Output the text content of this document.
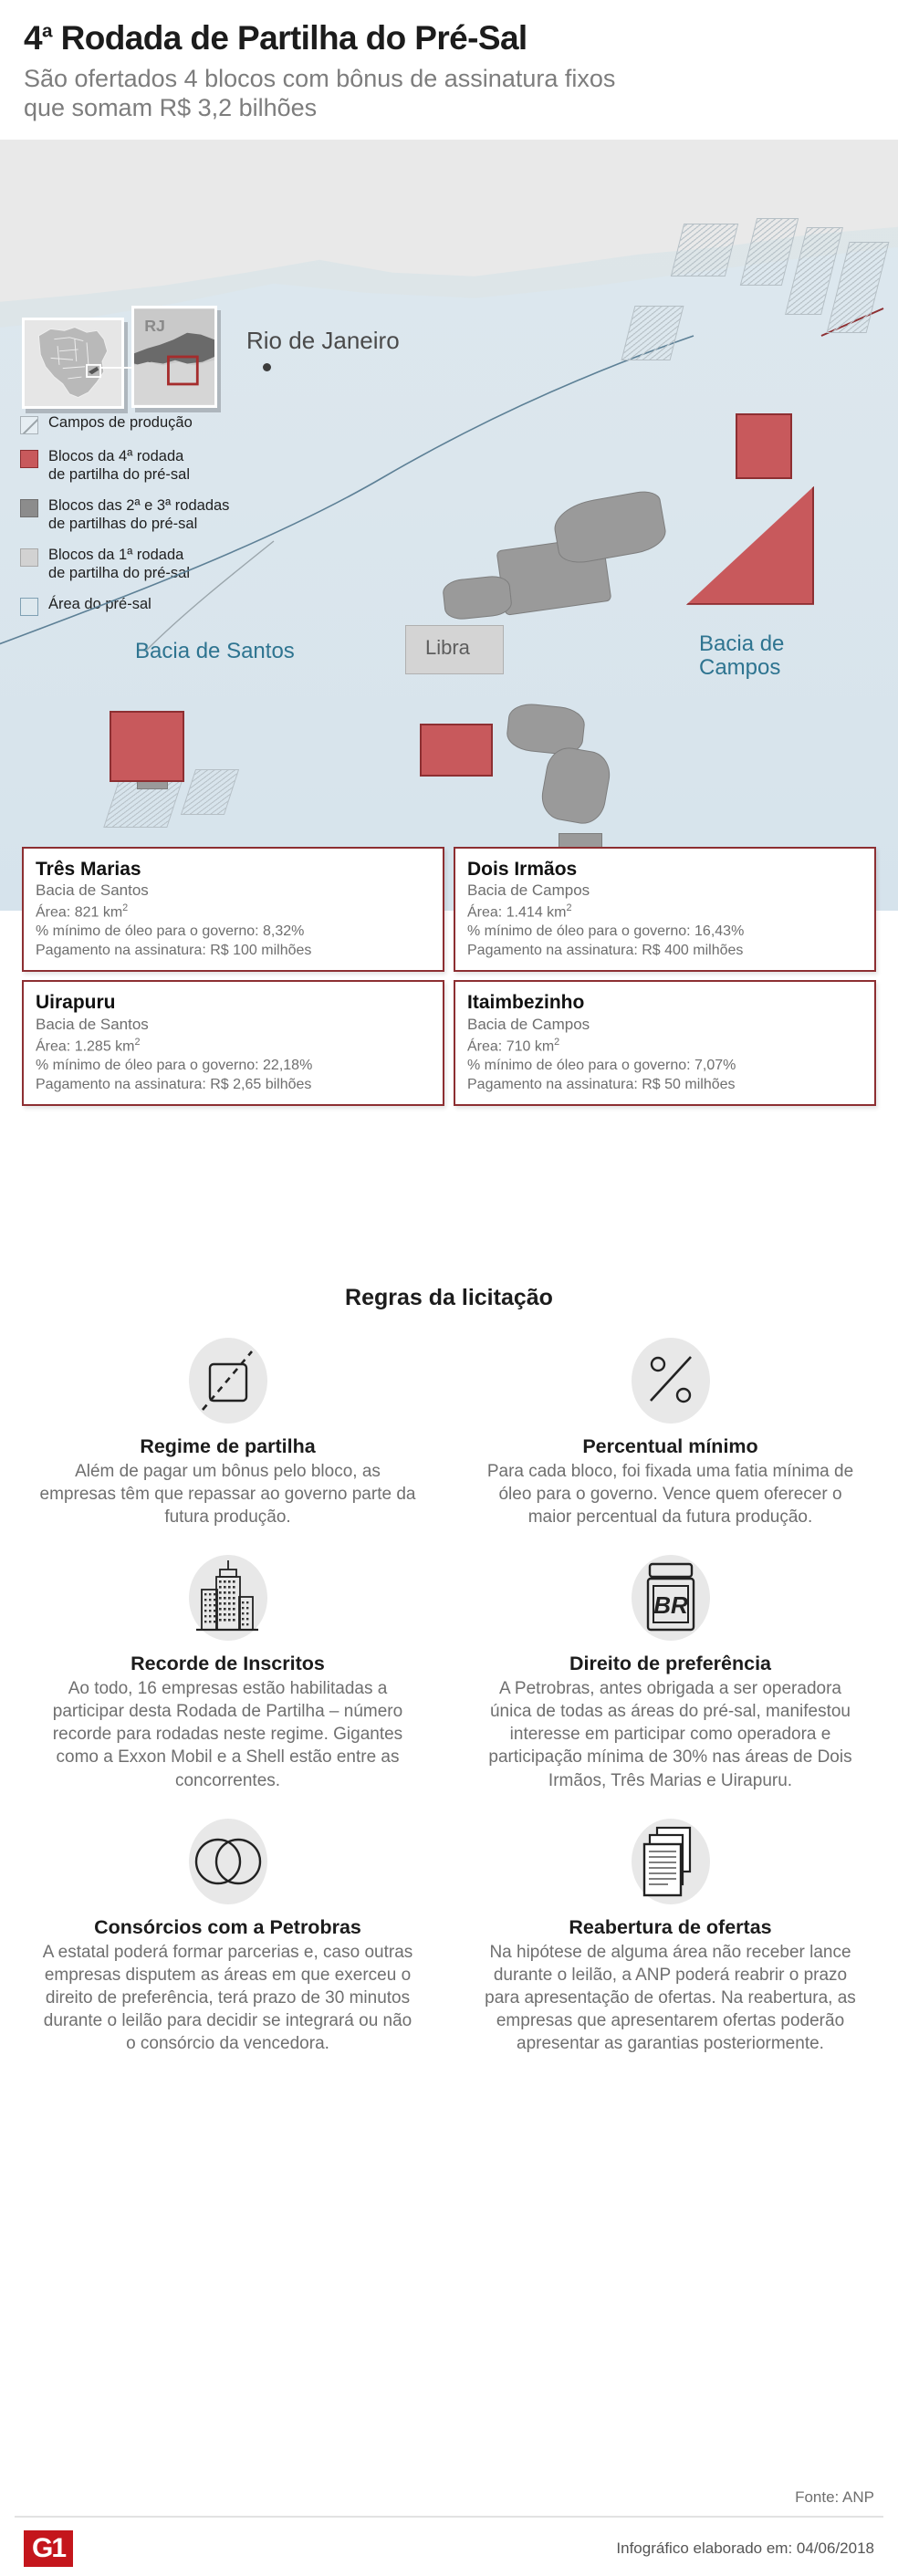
4$^a$ Rodada de Partilha do Pré-Sal
São ofertados 4 blocos com bônus de assinatura fixos
que somam R$ 3,2 bilhões
Rio de Janeiro
RJ
Campos de produção
Blocos da 4ª rodada
de partilha do pré-sal
Blocos das 2ª e 3ª rodadas
de partilhas do pré-sal
Blocos da 1ª rodada
de partilha do pré-sal
Área do pré-sal
Libra
Bacia de Santos	Bacia de
Campos
Três Marias
Bacia de Santos
Área: 821 $km^2$
% mínimo de óleo para o governo: 8,32%
Pagamento na assinatura: R$ 100 milhões
Dois Irmãos
Bacia de Campos
Área: 1.414 $km^2$
% mínimo de óleo para o governo: 16,43%
Pagamento na assinatura: R$ 400 milhões
Uirapuru
Bacia de Santos
Área: 1.285 $km^2$
% mínimo de óleo para o governo: 22,18%
Pagamento na assinatura: R$ 2,65 bilhões
Itaimbezinho
Bacia de Campos
Área: 710 $km^2$
% mínimo de óleo para o governo: 7,07%
Pagamento na assinatura: R$ 50 milhões
Regras da licitação
Regime de partilha
Além de pagar um bônus pelo bloco, as empresas têm que repassar ao governo parte da futura produção.
Percentual mínimo
Para cada bloco, foi fixada uma fatia mínima de óleo para o governo. Vence quem oferecer o maior percentual da futura produção.
Recorde de Inscritos
Ao todo, 16 empresas estão habilitadas a participar desta Rodada de Partilha – número recorde para rodadas neste regime. Gigantes como a Exxon Mobil e a Shell estão entre as concorrentes.
BR
Direito de preferência
A Petrobras, antes obrigada a ser operadora única de todas as áreas do pré-sal, manifestou interesse em participar como operadora e participação mínima de 30% nas áreas de Dois Irmãos, Três Marias e Uirapuru.
Consórcios com a Petrobras
A estatal poderá formar parcerias e, caso outras empresas disputem as áreas em que exerceu o direito de preferência, terá prazo de 30 minutos durante o leilão para decidir se integrará ou não o consórcio da vencedora.
Reabertura de ofertas
Na hipótese de alguma área não receber lance durante o leilão, a ANP poderá reabrir o prazo para apresentação de ofertas. Na reabertura, as empresas que apresentarem ofertas poderão apresentar as garantias posteriormente.
Fonte: ANP
G1	Infográfico elaborado em: 04/06/2018
